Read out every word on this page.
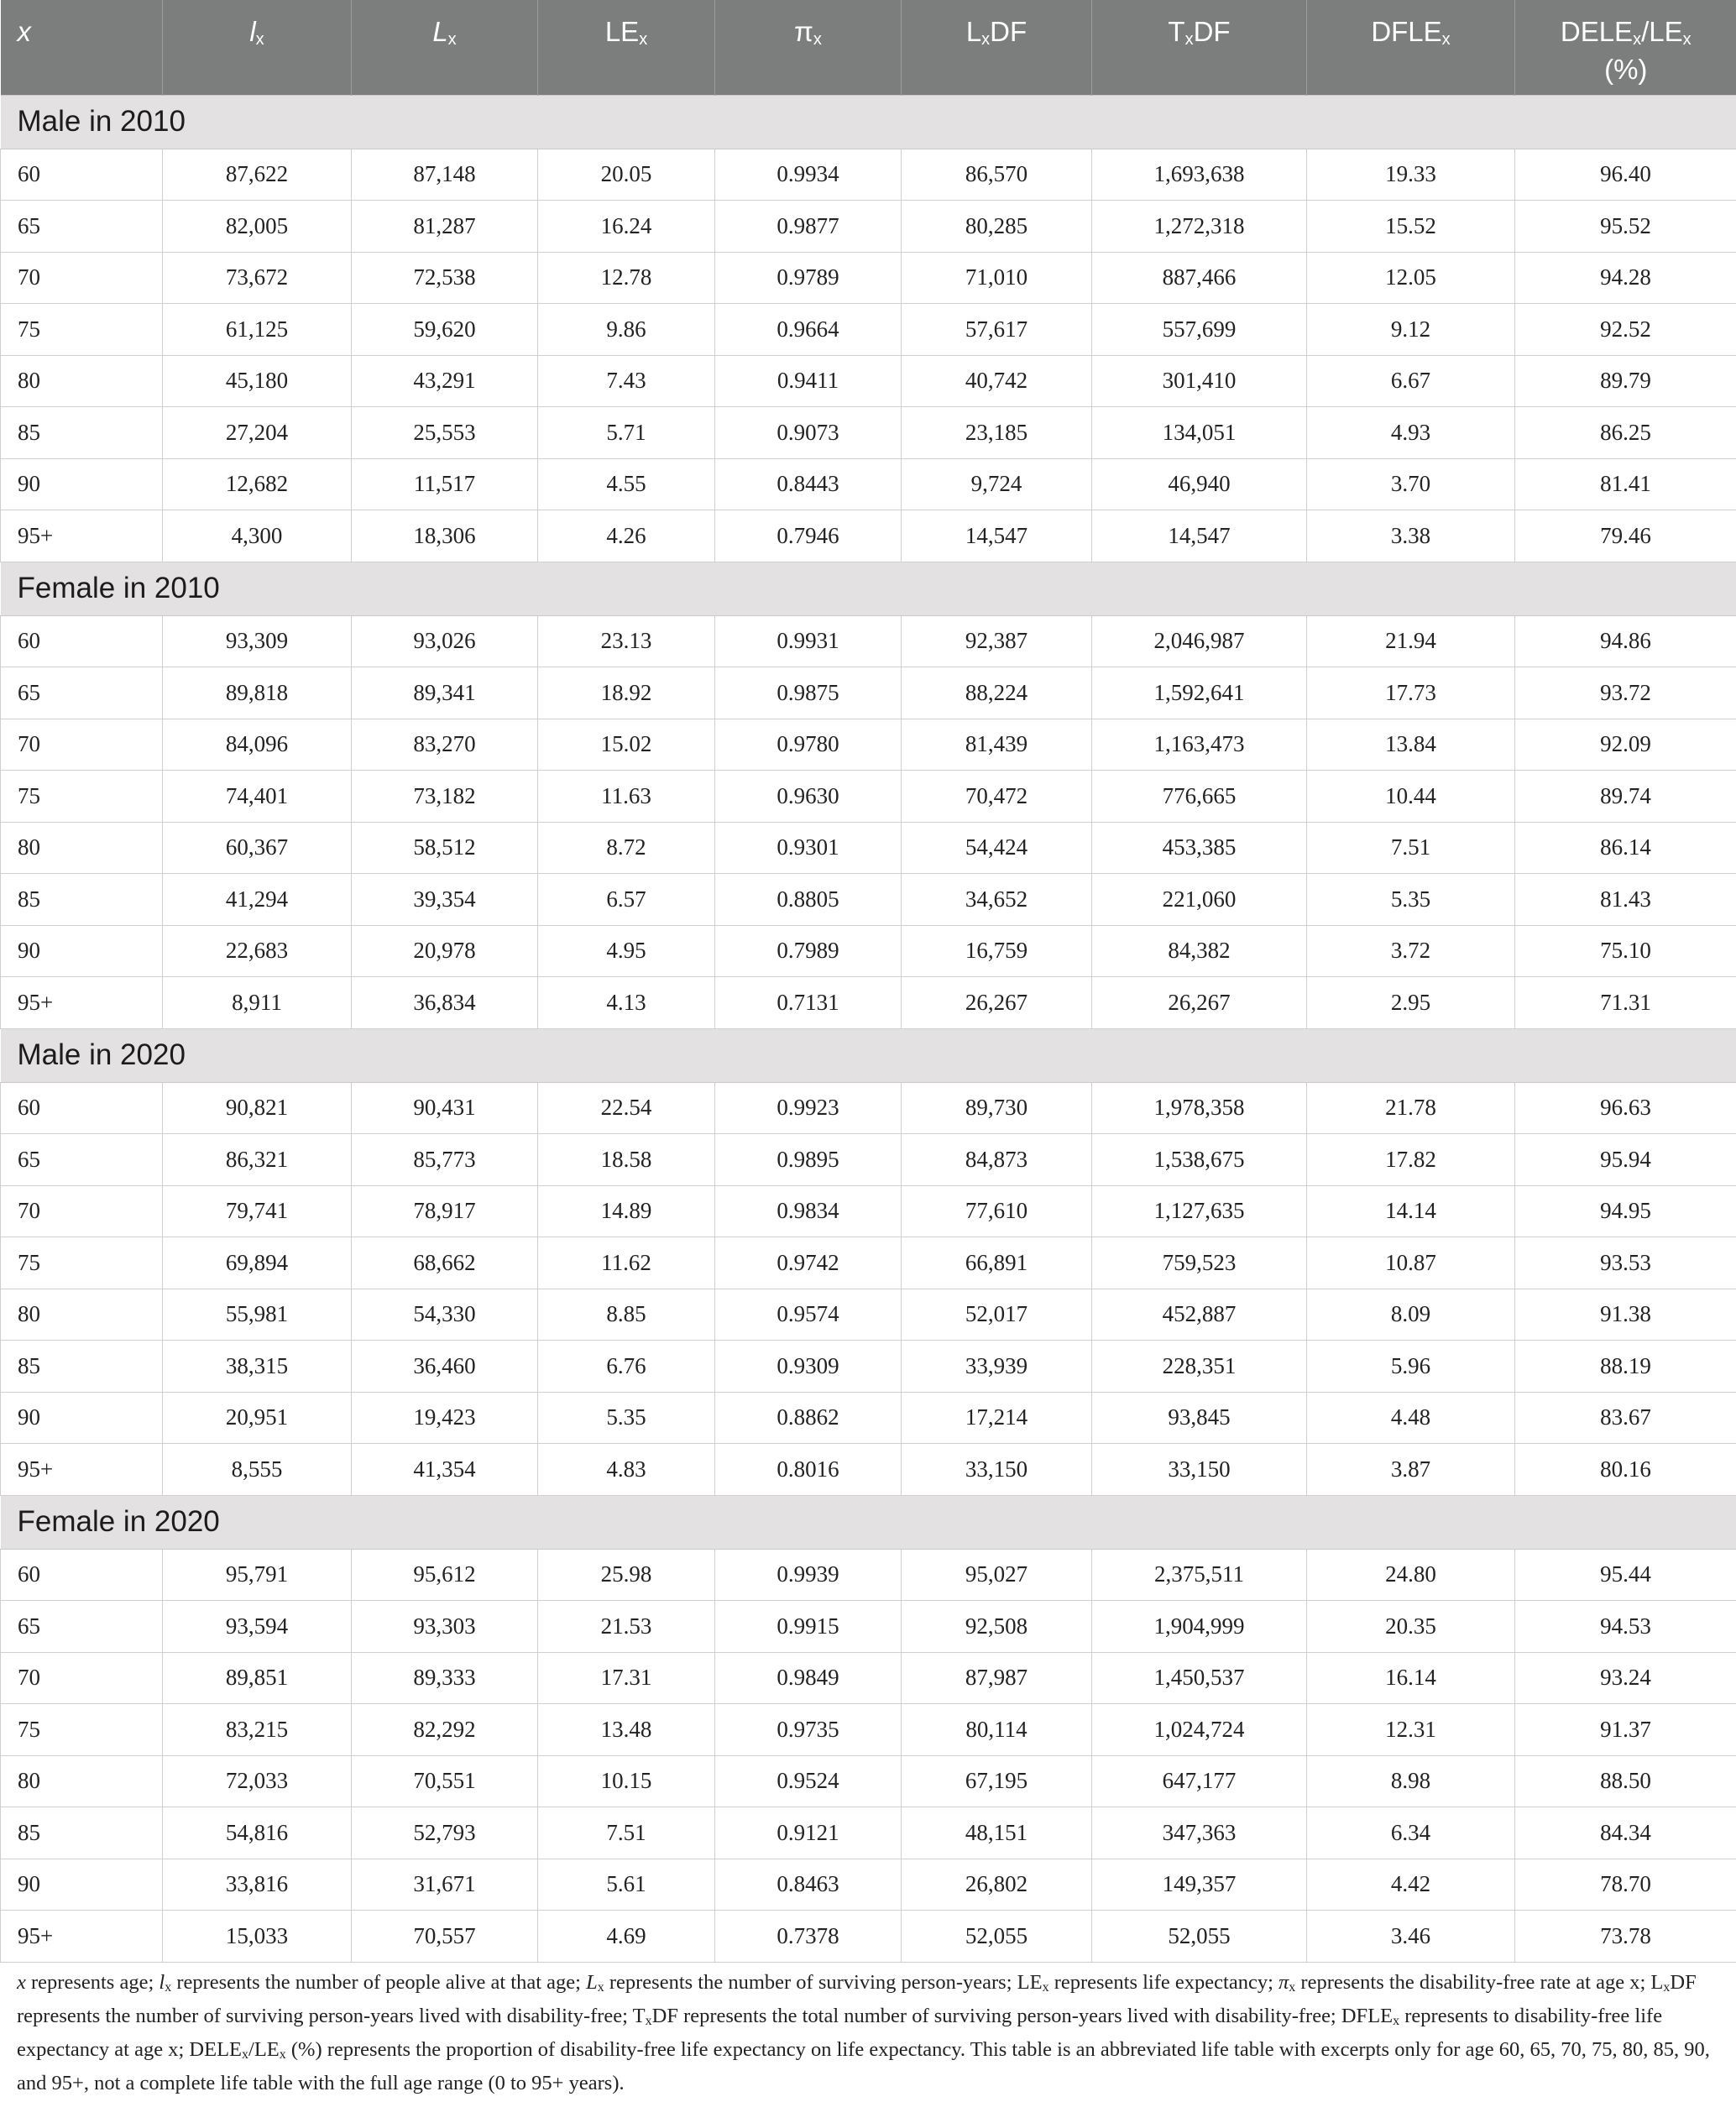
x	$l_x$	$L_x$	$LE_x$	$\pi_x$	$L_xDF$	$T_xDF$	$DFLE_x$	$DELE_x/LE_x$
(%)
Male in 2010								
60	87,622	87,148	20.05	0.9934	86,570	1,693,638	19.33	96.40
65	82,005	81,287	16.24	0.9877	80,285	1,272,318	15.52	95.52
70	73,672	72,538	12.78	0.9789	71,010	887,466	12.05	94.28
75	61,125	59,620	9.86	0.9664	57,617	557,699	9.12	92.52
80	45,180	43,291	7.43	0.9411	40,742	301,410	6.67	89.79
85	27,204	25,553	5.71	0.9073	23,185	134,051	4.93	86.25
90	12,682	11,517	4.55	0.8443	9,724	46,940	3.70	81.41
95+	4,300	18,306	4.26	0.7946	14,547	14,547	3.38	79.46
Female in 2010								
60	93,309	93,026	23.13	0.9931	92,387	2,046,987	21.94	94.86
65	89,818	89,341	18.92	0.9875	88,224	1,592,641	17.73	93.72
70	84,096	83,270	15.02	0.9780	81,439	1,163,473	13.84	92.09
75	74,401	73,182	11.63	0.9630	70,472	776,665	10.44	89.74
80	60,367	58,512	8.72	0.9301	54,424	453,385	7.51	86.14
85	41,294	39,354	6.57	0.8805	34,652	221,060	5.35	81.43
90	22,683	20,978	4.95	0.7989	16,759	84,382	3.72	75.10
95+	8,911	36,834	4.13	0.7131	26,267	26,267	2.95	71.31
Male in 2020								
60	90,821	90,431	22.54	0.9923	89,730	1,978,358	21.78	96.63
65	86,321	85,773	18.58	0.9895	84,873	1,538,675	17.82	95.94
70	79,741	78,917	14.89	0.9834	77,610	1,127,635	14.14	94.95
75	69,894	68,662	11.62	0.9742	66,891	759,523	10.87	93.53
80	55,981	54,330	8.85	0.9574	52,017	452,887	8.09	91.38
85	38,315	36,460	6.76	0.9309	33,939	228,351	5.96	88.19
90	20,951	19,423	5.35	0.8862	17,214	93,845	4.48	83.67
95+	8,555	41,354	4.83	0.8016	33,150	33,150	3.87	80.16
Female in 2020								
60	95,791	95,612	25.98	0.9939	95,027	2,375,511	24.80	95.44
65	93,594	93,303	21.53	0.9915	92,508	1,904,999	20.35	94.53
70	89,851	89,333	17.31	0.9849	87,987	1,450,537	16.14	93.24
75	83,215	82,292	13.48	0.9735	80,114	1,024,724	12.31	91.37
80	72,033	70,551	10.15	0.9524	67,195	647,177	8.98	88.50
85	54,816	52,793	7.51	0.9121	48,151	347,363	6.34	84.34
90	33,816	31,671	5.61	0.8463	26,802	149,357	4.42	78.70
95+	15,033	70,557	4.69	0.7378	52,055	52,055	3.46	73.78
x represents age; $l_x$ represents the number of people alive at that age; $L_x$ represents the number of surviving person-years; $LE_x$ represents life expectancy; $\pi_x$ represents the disability-free rate at age x; $L_xDF$ represents the number of surviving person-years lived with disability-free; $T_xDF$ represents the total number of surviving person-years lived with disability-free; $DFLE_x$ represents to disability-free life expectancy at age x; $DELE_x/LE_x$ (%) represents the proportion of disability-free life expectancy on life expectancy. This table is an abbreviated life table with excerpts only for age 60, 65, 70, 75, 80, 85, 90, and 95+, not a complete life table with the full age range (0 to 95+ years).
